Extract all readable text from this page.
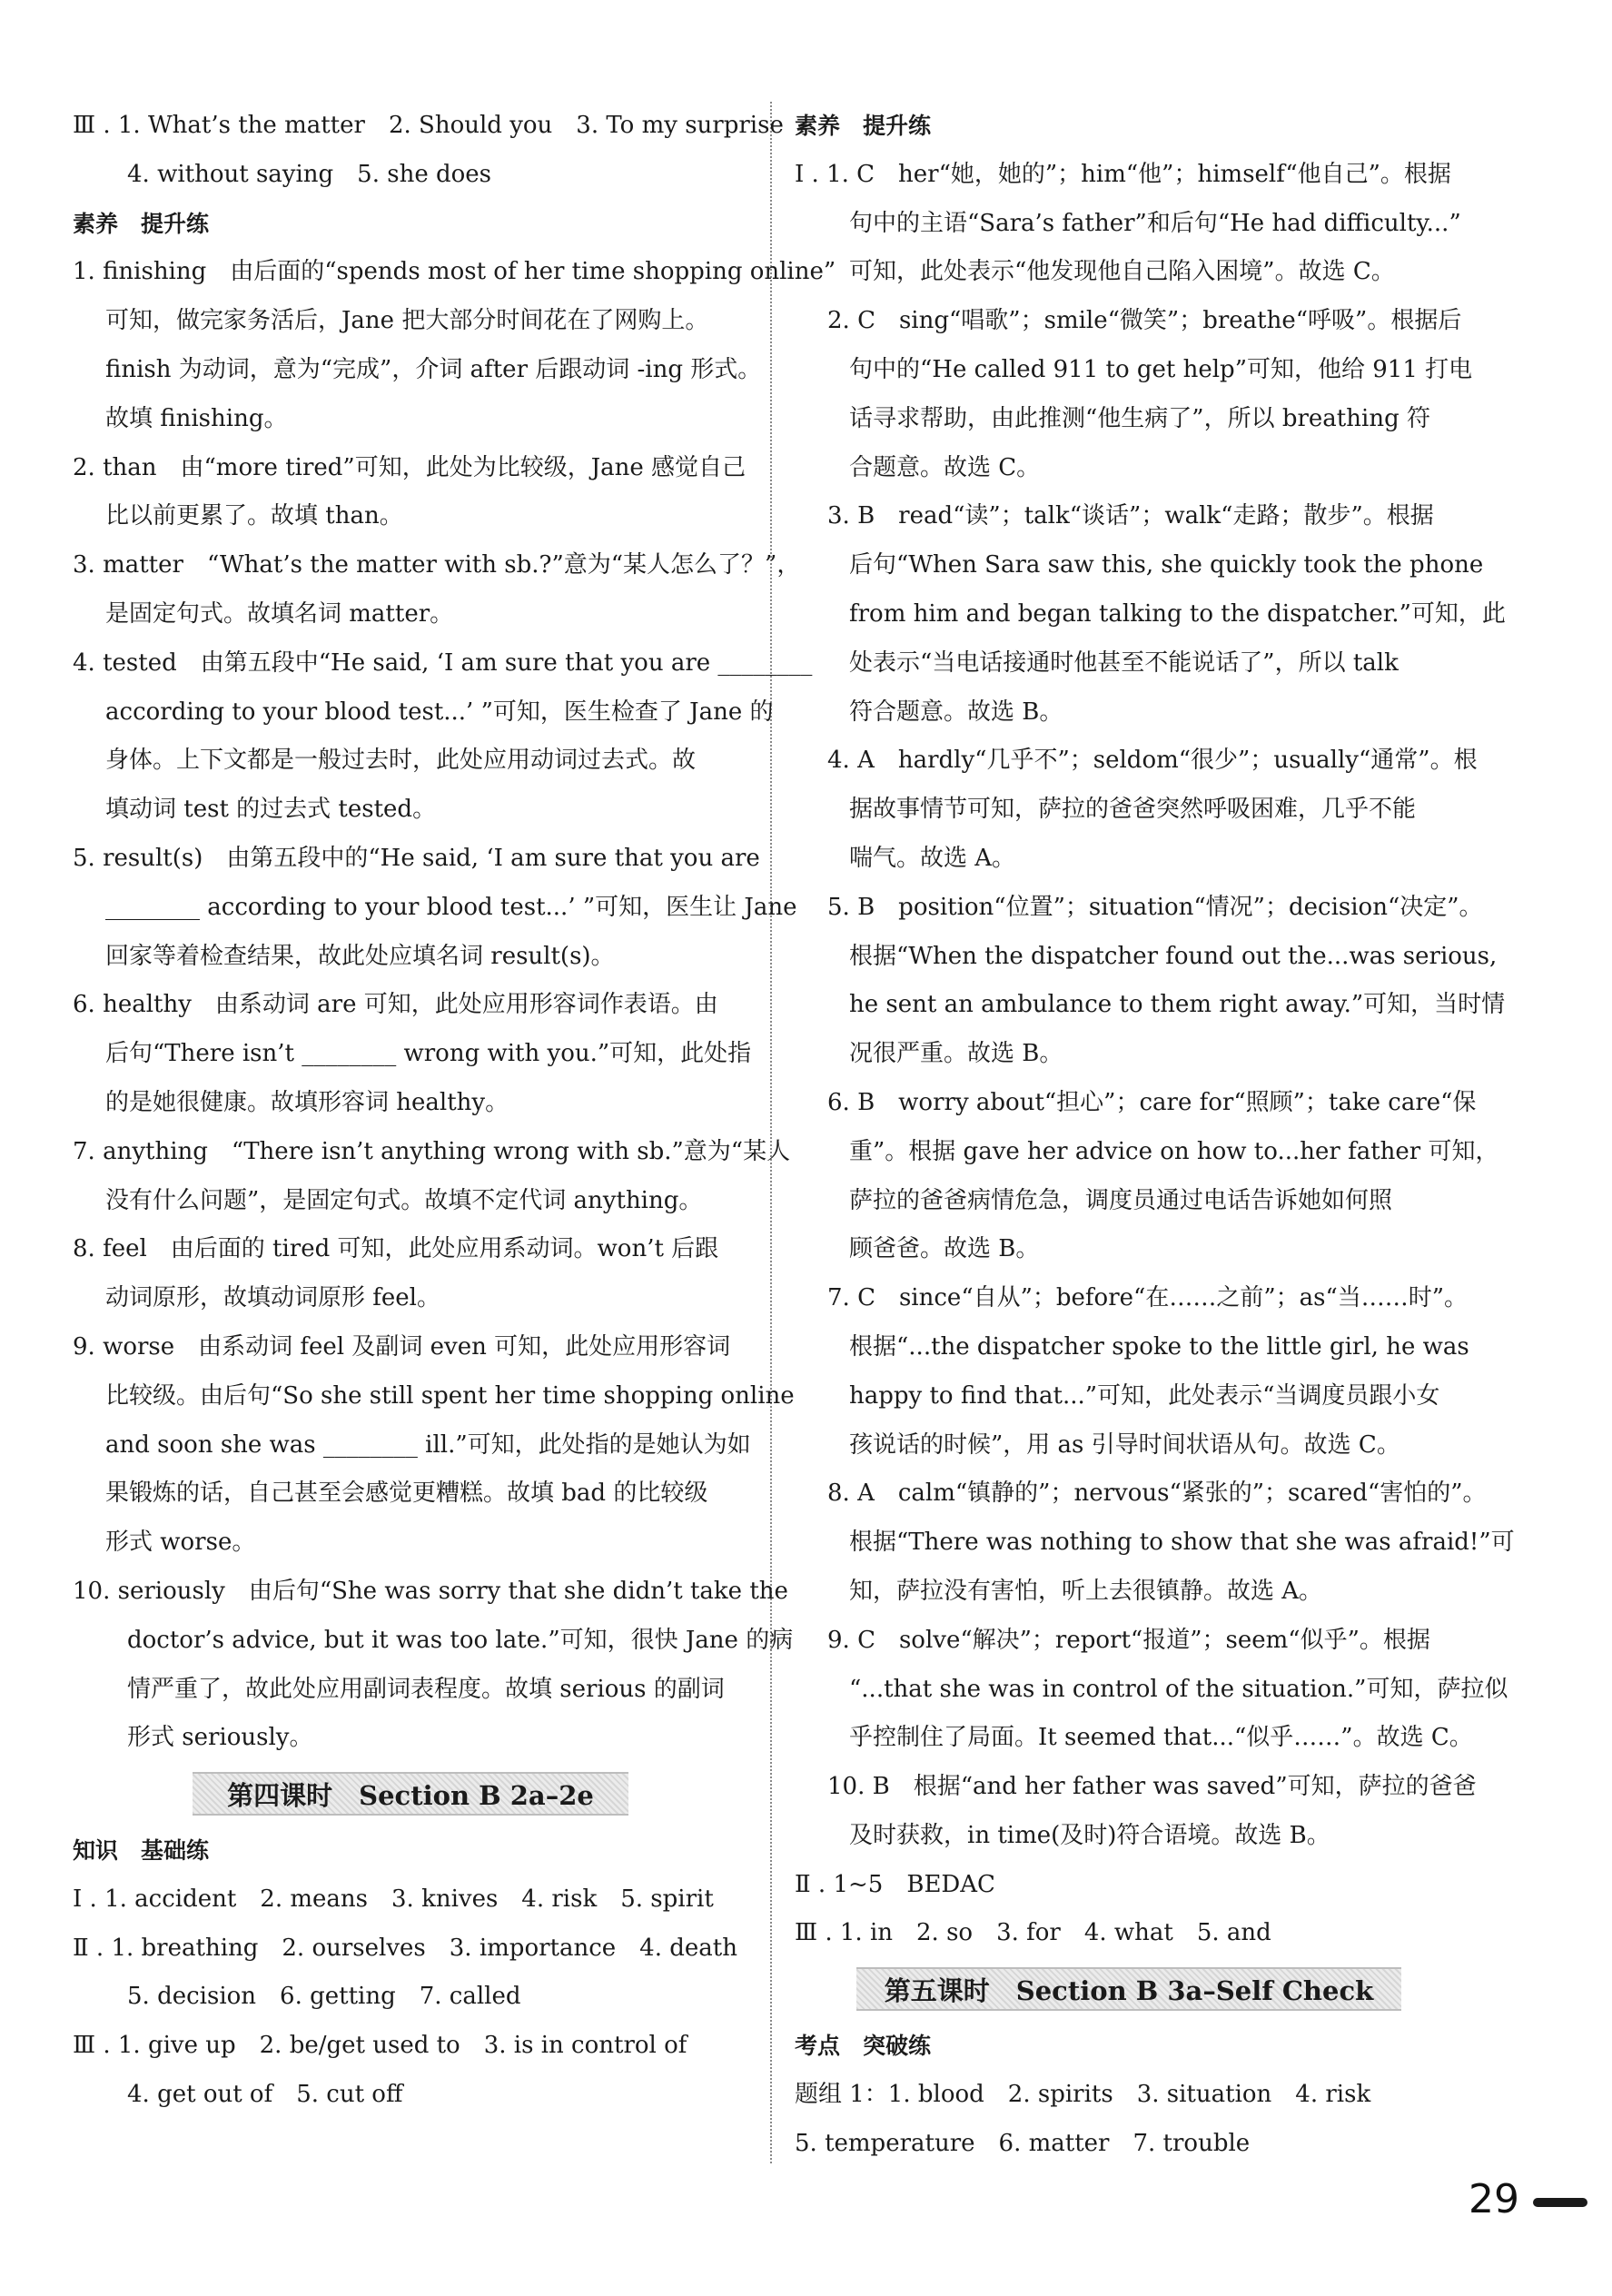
Ⅲ . 1. What’s the matter　2. Should you　3. To my surprise
4. without saying　5. she does
素养　提升练
1. finishing　由后面的“spends most of her time shopping online”
可知，做完家务活后，Jane 把大部分时间花在了网购上。
finish 为动词，意为“完成”，介词 after 后跟动词 -ing 形式。
故填 finishing。
2. than　由“more tired”可知，此处为比较级，Jane 感觉自己
比以前更累了。故填 than。
3. matter　“What’s the matter with sb.?”意为“某人怎么了？”，
是固定句式。故填名词 matter。
4. tested　由第五段中“He said, ‘I am sure that you are ________
according to your blood test...’ ”可知，医生检查了 Jane 的
身体。上下文都是一般过去时，此处应用动词过去式。故
填动词 test 的过去式 tested。
5. result(s)　由第五段中的“He said, ‘I am sure that you are
________ according to your blood test...’ ”可知，医生让 Jane
回家等着检查结果，故此处应填名词 result(s)。
6. healthy　由系动词 are 可知，此处应用形容词作表语。由
后句“There isn’t ________ wrong with you.”可知，此处指
的是她很健康。故填形容词 healthy。
7. anything　“There isn’t anything wrong with sb.”意为“某人
没有什么问题”，是固定句式。故填不定代词 anything。
8. feel　由后面的 tired 可知，此处应用系动词。won’t 后跟
动词原形，故填动词原形 feel。
9. worse　由系动词 feel 及副词 even 可知，此处应用形容词
比较级。由后句“So she still spent her time shopping online
and soon she was ________ ill.”可知，此处指的是她认为如
果锻炼的话，自己甚至会感觉更糟糕。故填 bad 的比较级
形式 worse。
10. seriously　由后句“She was sorry that she didn’t take the
doctor’s advice, but it was too late.”可知，很快 Jane 的病
情严重了，故此处应用副词表程度。故填 serious 的副词
形式 seriously。
第四课时　Section B 2a–2e
知识　基础练
Ⅰ . 1. accident　2. means　3. knives　4. risk　5. spirit
Ⅱ . 1. breathing　2. ourselves　3. importance　4. death
5. decision　6. getting　7. called
Ⅲ . 1. give up　2. be/get used to　3. is in control of
4. get out of　5. cut off
素养　提升练
Ⅰ . 1. C　her“她，她的”；him“他”；himself“他自己”。根据
句中的主语“Sara’s father”和后句“He had difficulty...”
可知，此处表示“他发现他自己陷入困境”。故选 C。
2. C　sing“唱歌”；smile“微笑”；breathe“呼吸”。根据后
句中的“He called 911 to get help”可知，他给 911 打电
话寻求帮助，由此推测“他生病了”，所以 breathing 符
合题意。故选 C。
3. B　read“读”；talk“谈话”；walk“走路；散步”。根据
后句“When Sara saw this, she quickly took the phone
from him and began talking to the dispatcher.”可知，此
处表示“当电话接通时他甚至不能说话了”，所以 talk
符合题意。故选 B。
4. A　hardly“几乎不”；seldom“很少”；usually“通常”。根
据故事情节可知，萨拉的爸爸突然呼吸困难，几乎不能
喘气。故选 A。
5. B　position“位置”；situation“情况”；decision“决定”。
根据“When the dispatcher found out the...was serious,
he sent an ambulance to them right away.”可知，当时情
况很严重。故选 B。
6. B　worry about“担心”；care for“照顾”；take care“保
重”。根据 gave her advice on how to...her father 可知，
萨拉的爸爸病情危急，调度员通过电话告诉她如何照
顾爸爸。故选 B。
7. C　since“自从”；before“在……之前”；as“当……时”。
根据“...the dispatcher spoke to the little girl, he was
happy to find that...”可知，此处表示“当调度员跟小女
孩说话的时候”，用 as 引导时间状语从句。故选 C。
8. A　calm“镇静的”；nervous“紧张的”；scared“害怕的”。
根据“There was nothing to show that she was afraid!”可
知，萨拉没有害怕，听上去很镇静。故选 A。
9. C　solve“解决”；report“报道”；seem“似乎”。根据
“...that she was in control of the situation.”可知，萨拉似
乎控制住了局面。It seemed that...“似乎……”。故选 C。
10. B　根据“and her father was saved”可知，萨拉的爸爸
及时获救，in time(及时)符合语境。故选 B。
Ⅱ . 1~5　BEDAC
Ⅲ . 1. in　2. so　3. for　4. what　5. and
第五课时　Section B 3a–Self Check
考点　突破练
题组 1：1. blood　2. spirits　3. situation　4. risk
5. temperature　6. matter　7. trouble
29
